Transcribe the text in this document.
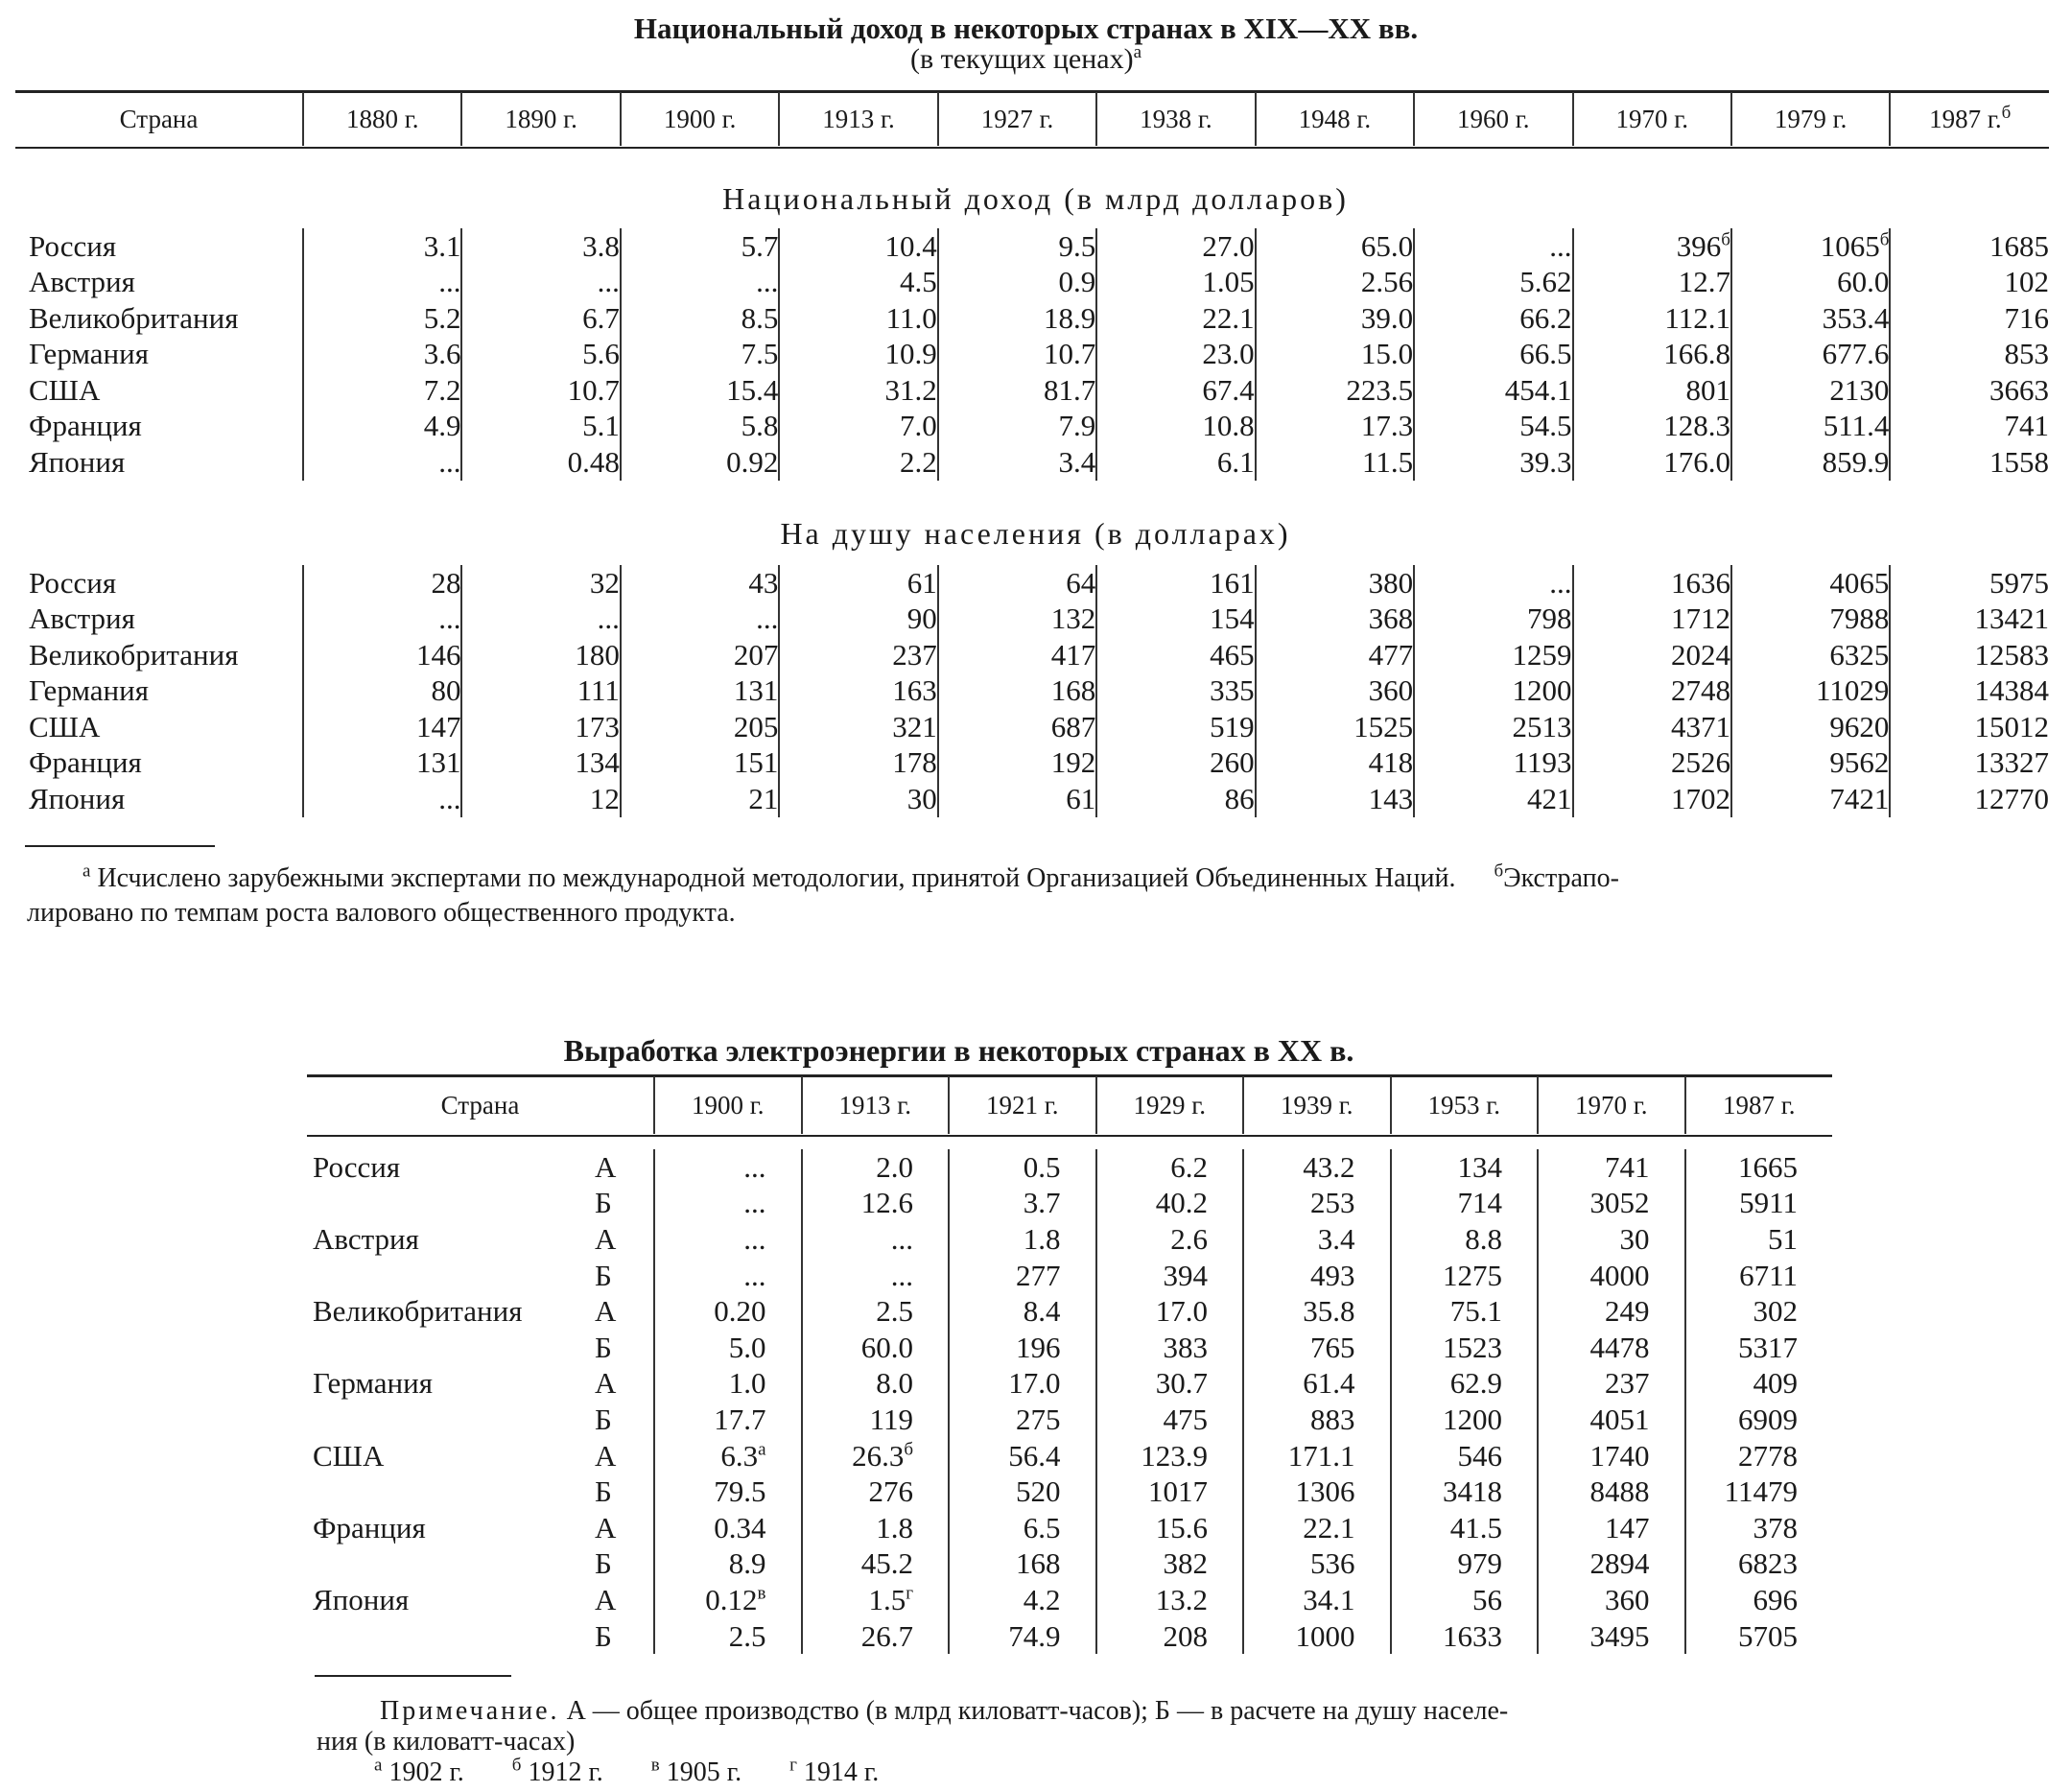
Национальный доход в некоторых странах в XIX—XX вв.
(в текущих ценах)$^а$
Страна	1880 г.	1890 г.	1900 г.	1913 г.	1927 г.	1938 г.	1948 г.	1960 г.	1970 г.	1979 г.	1987 г.$^б$
Национальный доход (в млрд долларов)
Россия	3.1	3.8	5.7	10.4	9.5	27.0	65.0	...	$396^б$	$1065^б$	1685
Австрия	...	...	...	4.5	0.9	1.05	2.56	5.62	12.7	60.0	102
Великобритания	5.2	6.7	8.5	11.0	18.9	22.1	39.0	66.2	112.1	353.4	716
Германия	3.6	5.6	7.5	10.9	10.7	23.0	15.0	66.5	166.8	677.6	853
США	7.2	10.7	15.4	31.2	81.7	67.4	223.5	454.1	801	2130	3663
Франция	4.9	5.1	5.8	7.0	7.9	10.8	17.3	54.5	128.3	511.4	741
Япония	...	0.48	0.92	2.2	3.4	6.1	11.5	39.3	176.0	859.9	1558
На душу населения (в долларах)
Россия	28	32	43	61	64	161	380	...	1636	4065	5975
Австрия	...	...	...	90	132	154	368	798	1712	7988	13421
Великобритания	146	180	207	237	417	465	477	1259	2024	6325	12583
Германия	80	111	131	163	168	335	360	1200	2748	11029	14384
США	147	173	205	321	687	519	1525	2513	4371	9620	15012
Франция	131	134	151	178	192	260	418	1193	2526	9562	13327
Япония	...	12	21	30	61	86	143	421	1702	7421	12770
$^а$ Исчислено зарубежными экспертами по международной методологии, принятой Организацией Объединенных Наций. $^б$Экстрапо-
лировано по темпам роста валового общественного продукта.
Выработка электроэнергии в некоторых странах в XX в.
Страна	1900 г.	1913 г.	1921 г.	1929 г.	1939 г.	1953 г.	1970 г.	1987 г.
Россия	А	...	2.0	0.5	6.2	43.2	134	741	1665
	Б	...	12.6	3.7	40.2	253	714	3052	5911
Австрия	А	...	...	1.8	2.6	3.4	8.8	30	51
	Б	...	...	277	394	493	1275	4000	6711
Великобритания	А	0.20	2.5	8.4	17.0	35.8	75.1	249	302
	Б	5.0	60.0	196	383	765	1523	4478	5317
Германия	А	1.0	8.0	17.0	30.7	61.4	62.9	237	409
	Б	17.7	119	275	475	883	1200	4051	6909
США	А	$6.3^а$	$26.3^б$	56.4	123.9	171.1	546	1740	2778
	Б	79.5	276	520	1017	1306	3418	8488	11479
Франция	А	0.34	1.8	6.5	15.6	22.1	41.5	147	378
	Б	8.9	45.2	168	382	536	979	2894	6823
Япония	А	$0.12^в$	$1.5^г$	4.2	13.2	34.1	56	360	696
	Б	2.5	26.7	74.9	208	1000	1633	3495	5705
Примечание. А — общее производство (в млрд киловатт-часов); Б — в расчете на душу населе-
ния (в киловатт-часах)
$^а$ 1902 г.	$^б$ 1912 г.	$^в$ 1905 г.	$^г$ 1914 г.
